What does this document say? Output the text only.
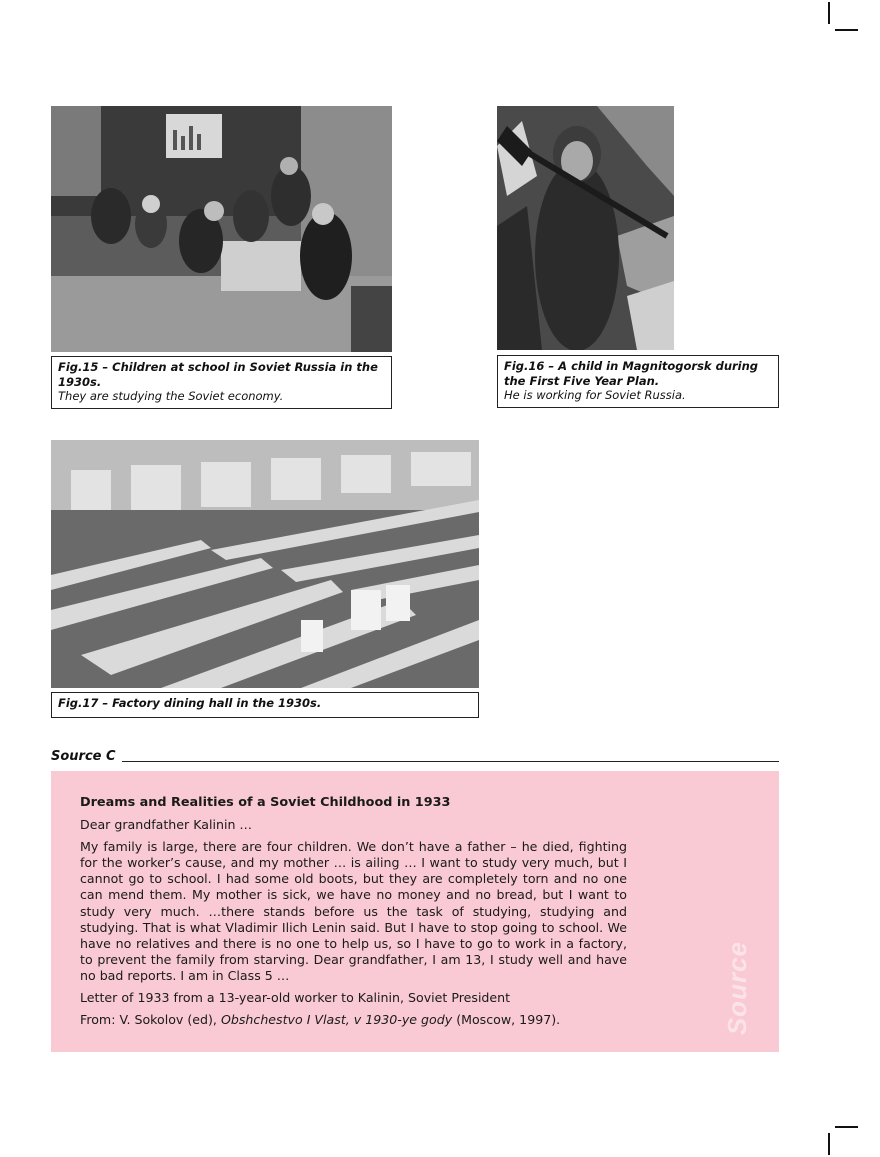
Fig.15 – Children at school in Soviet Russia in the 1930s.
They are studying the Soviet economy.
Fig.16 – A child in Magnitogorsk during the First Five Year Plan.
He is working for Soviet Russia.
Fig.17 – Factory dining hall in the 1930s.
Source C

Dreams and Realities of a Soviet Childhood in 1933

Dear grandfather Kalinin …

My family is large, there are four children. We don’t have a father – he died, fighting for the worker’s cause, and my mother … is ailing … I want to study very much, but I cannot go to school. I had some old boots, but they are completely torn and no one can mend them. My mother is sick, we have no money and no bread, but I want to study very much. …there stands before us the task of studying, studying and studying. That is what Vladimir Ilich Lenin said. But I have to stop going to school. We have no relatives and there is no one to help us, so I have to go to work in a factory, to prevent the family from starving. Dear grandfather, I am 13, I study well and have no bad reports. I am in Class 5 …

Letter of 1933 from a 13-year-old worker to Kalinin, Soviet President

From: V. Sokolov (ed), Obshchestvo I Vlast, v 1930-ye gody (Moscow, 1997).	Source
